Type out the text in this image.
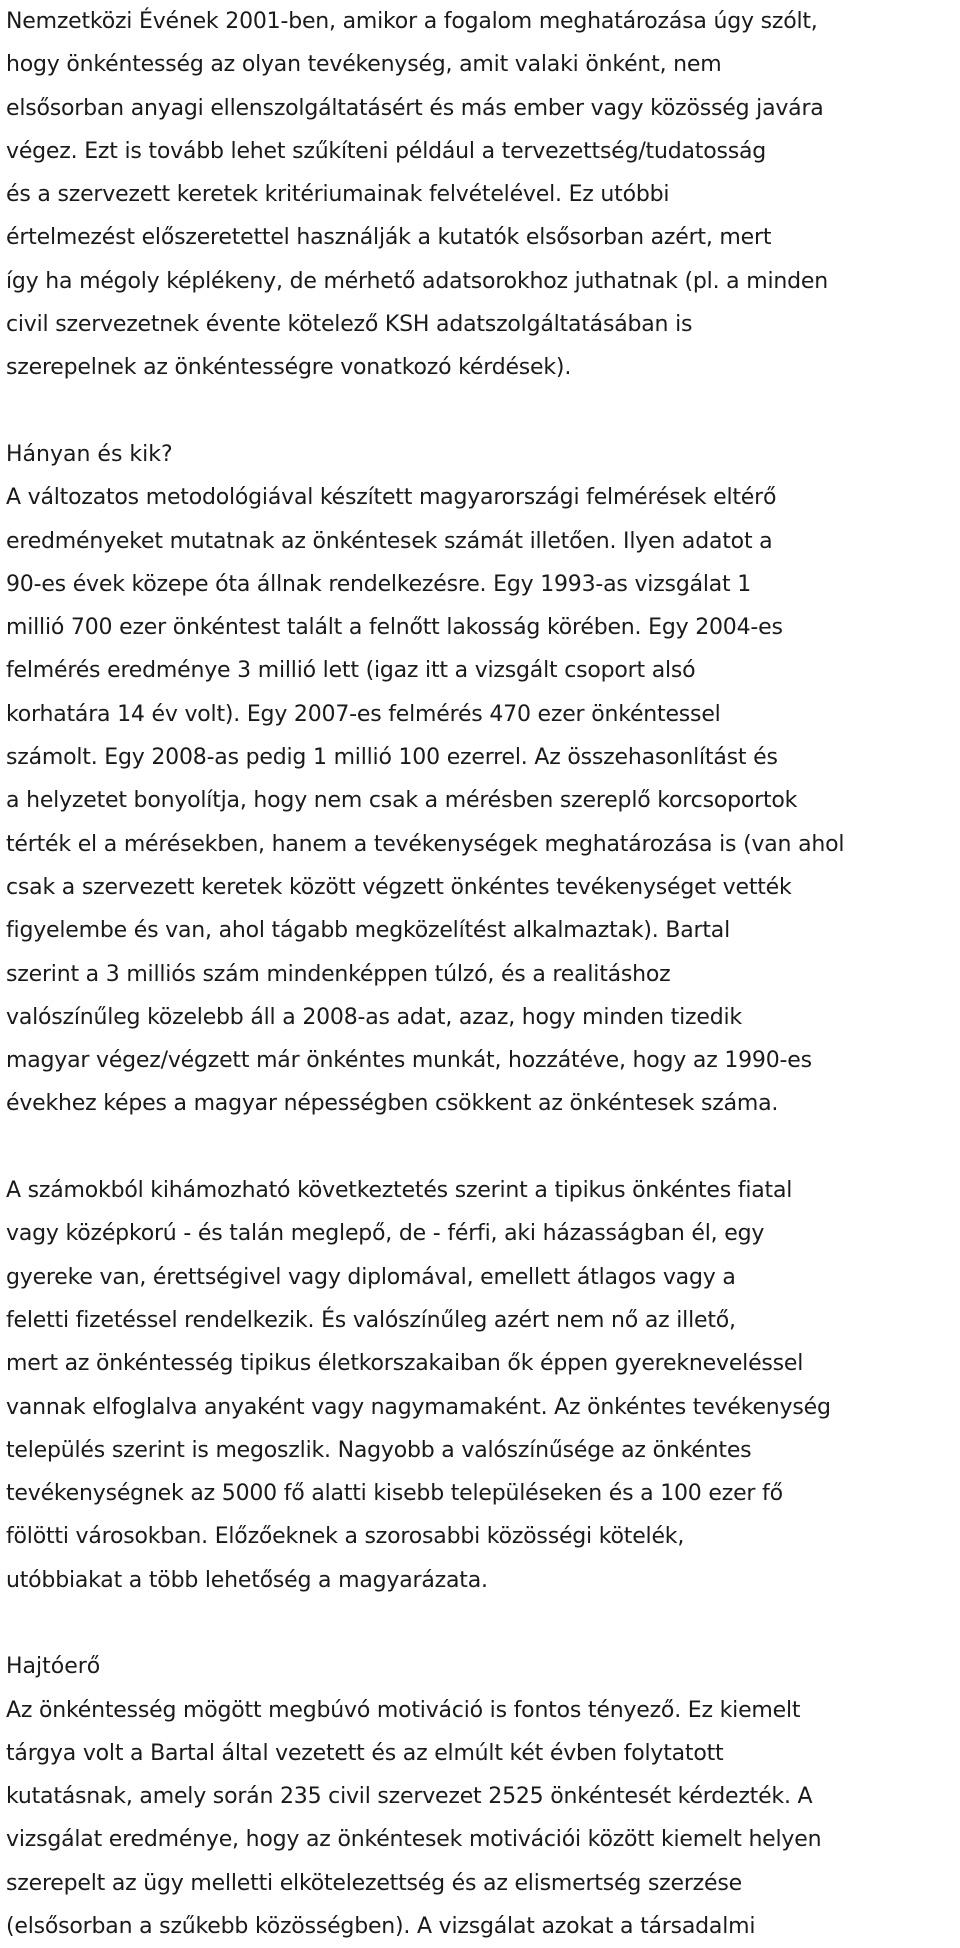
Nemzetközi Évének 2001-ben, amikor a fogalom meghatározása úgy szólt,
hogy önkéntesség az olyan tevékenység, amit valaki önként, nem
elsősorban anyagi ellenszolgáltatásért és más ember vagy közösség javára
végez. Ezt is tovább lehet szűkíteni például a tervezettség/tudatosság
és a szervezett keretek kritériumainak felvételével. Ez utóbbi
értelmezést előszeretettel használják a kutatók elsősorban azért, mert
így ha mégoly képlékeny, de mérhető adatsorokhoz juthatnak (pl. a minden
civil szervezetnek évente kötelező KSH adatszolgáltatásában is
szerepelnek az önkéntességre vonatkozó kérdések).
Hányan és kik?
A változatos metodológiával készített magyarországi felmérések eltérő
eredményeket mutatnak az önkéntesek számát illetően. Ilyen adatot a
90-es évek közepe óta állnak rendelkezésre. Egy 1993-as vizsgálat 1
millió 700 ezer önkéntest talált a felnőtt lakosság körében. Egy 2004-es
felmérés eredménye 3 millió lett (igaz itt a vizsgált csoport alsó
korhatára 14 év volt). Egy 2007-es felmérés 470 ezer önkéntessel
számolt. Egy 2008-as pedig 1 millió 100 ezerrel. Az összehasonlítást és
a helyzetet bonyolítja, hogy nem csak a mérésben szereplő korcsoportok
térték el a mérésekben, hanem a tevékenységek meghatározása is (van ahol
csak a szervezett keretek között végzett önkéntes tevékenységet vették
figyelembe és van, ahol tágabb megközelítést alkalmaztak). Bartal
szerint a 3 milliós szám mindenképpen túlzó, és a realitáshoz
valószínűleg közelebb áll a 2008-as adat, azaz, hogy minden tizedik
magyar végez/végzett már önkéntes munkát, hozzátéve, hogy az 1990-es
évekhez képes a magyar népességben csökkent az önkéntesek száma.
A számokból kihámozható következtetés szerint a tipikus önkéntes fiatal
vagy középkorú - és talán meglepő, de - férfi, aki házasságban él, egy
gyereke van, érettségivel vagy diplomával, emellett átlagos vagy a
feletti fizetéssel rendelkezik. És valószínűleg azért nem nő az illető,
mert az önkéntesség tipikus életkorszakaiban ők éppen gyereknevel​éssel
vannak elfoglalva anyaként vagy nagymamaként. Az önkéntes tevékenység
település szerint is megoszlik. Nagyobb a valószínűsége az önkéntes
tevékenységnek az 5000 fő alatti kisebb településeken és a 100 ezer fő
fölötti városokban. Előzőeknek a szorosabbi közösségi kötelék,
utóbbiakat a több lehetőség a magyarázata.
Hajtóerő
Az önkéntesség mögött megbúvó motiváció is fontos tényező. Ez kiemelt
tárgya volt a Bartal által vezetett és az elmúlt két évben folytatott
kutatásnak, amely során 235 civil szervezet 2525 önkéntesét kérdezték. A
vizsgálat eredménye, hogy az önkéntesek motivációi között kiemelt helyen
szerepelt az ügy melletti elkötelezettség és az elismertség szerzése
(elsősorban a szűkebb közösségben). A vizsgálat azokat a társadalmi
